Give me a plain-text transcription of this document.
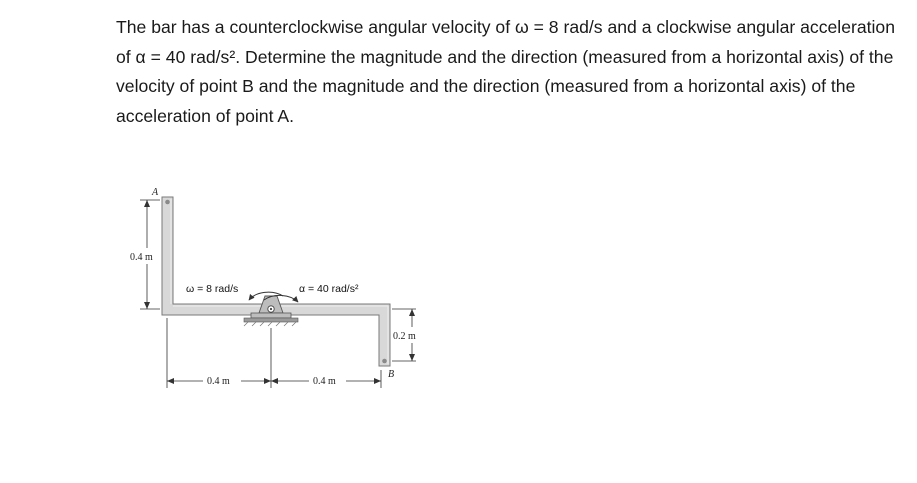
The bar has a counterclockwise angular velocity of ω = 8 rad/s and a clockwise angular acceleration of α = 40 rad/s². Determine the magnitude and the direction (measured from a horizontal axis) of the velocity of point B and the magnitude and the direction (measured from a horizontal axis) of the acceleration of point A.

0.4 m
A
0.2 m
B
0.4 m	0.4 m
ω = 8 rad/s	α = 40 rad/s²
